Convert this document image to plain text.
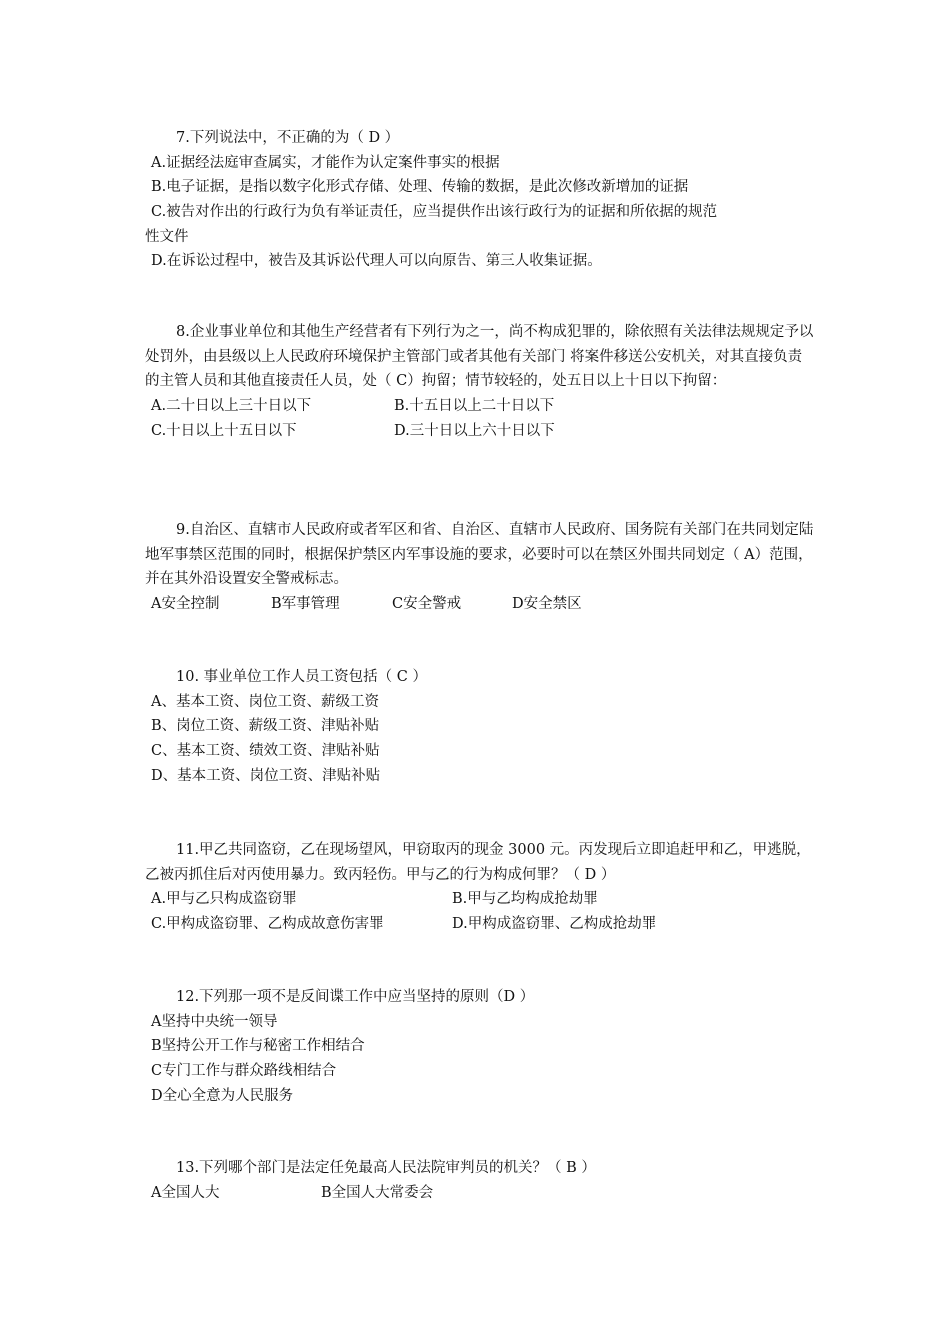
7.下列说法中，不正确的为（ D ）
A.证据经法庭审查属实，才能作为认定案件事实的根据
B.电子证据，是指以数字化形式存储、处理、传输的数据，是此次修改新增加的证据
C.被告对作出的行政行为负有举证责任，应当提供作出该行政行为的证据和所依据的规范
性文件
D.在诉讼过程中，被告及其诉讼代理人可以向原告、第三人收集证据。
8.企业事业单位和其他生产经营者有下列行为之一，尚不构成犯罪的，除依照有关法律法规规定予以处罚外，由县级以上人民政府环境保护主管部门或者其他有关部门 将案件移送公安机关，对其直接负责的主管人员和其他直接责任人员，处（ C）拘留；情节较轻的，处五日以上十日以下拘留：
A.二十日以上三十日以下	B.十五日以上二十日以下
C.十日以上十五日以下	D.三十日以上六十日以下
9.自治区、直辖市人民政府或者军区和省、自治区、直辖市人民政府、国务院有关部门在共同划定陆地军事禁区范围的同时，根据保护禁区内军事设施的要求，必要时可以在禁区外围共同划定（ A）范围，并在其外沿设置安全警戒标志。
A安全控制	B军事管理	C安全警戒	D安全禁区
10. 事业单位工作人员工资包括（ C ）
A、基本工资、岗位工资、薪级工资
B、岗位工资、薪级工资、津贴补贴
C、基本工资、绩效工资、津贴补贴
D、基本工资、岗位工资、津贴补贴
11.甲乙共同盗窃，乙在现场望风，甲窃取丙的现金 3000 元。丙发现后立即追赶甲和乙，甲逃脱，乙被丙抓住后对丙使用暴力。致丙轻伤。甲与乙的行为构成何罪？（ D ）
A.甲与乙只构成盗窃罪	B.甲与乙均构成抢劫罪
C.甲构成盗窃罪、乙构成故意伤害罪	D.甲构成盗窃罪、乙构成抢劫罪
12.下列那一项不是反间谍工作中应当坚持的原则（D ）
A坚持中央统一领导
B坚持公开工作与秘密工作相结合
C专门工作与群众路线相结合
D全心全意为人民服务
13.下列哪个部门是法定任免最高人民法院审判员的机关？（ B ）
A全国人大	B全国人大常委会
